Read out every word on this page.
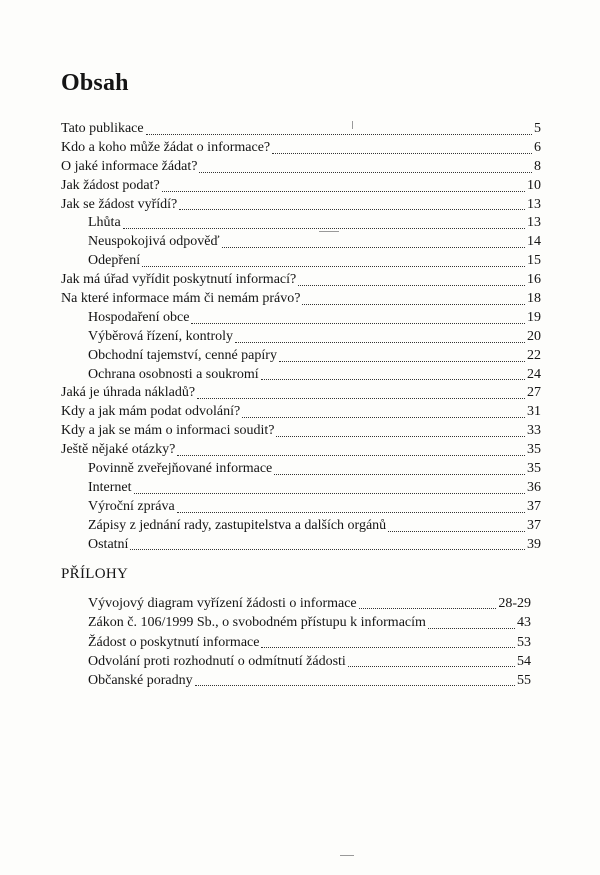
Obsah
Tato publikace	5
Kdo a koho může žádat o informace?	6
O jaké informace žádat?	8
Jak žádost podat?	10
Jak se žádost vyřídí?	13
Lhůta	13
Neuspokojivá odpověď	14
Odepření	15
Jak má úřad vyřídit poskytnutí informací?	16
Na které informace mám či nemám právo?	18
Hospodaření obce	19
Výběrová řízení, kontroly	20
Obchodní tajemství, cenné papíry	22
Ochrana osobnosti a soukromí	24
Jaká je úhrada nákladů?	27
Kdy a jak mám podat odvolání?	31
Kdy a jak se mám o informaci soudit?	33
Ještě nějaké otázky?	35
Povinně zveřejňované informace	35
Internet	36
Výroční zpráva	37
Zápisy z jednání rady, zastupitelstva a dalších orgánů	37
Ostatní	39
PŘÍLOHY
Vývojový diagram vyřízení žádosti o informace	28-29
Zákon č. 106/1999 Sb., o svobodném přístupu k informacím	43
Žádost o poskytnutí informace	53
Odvolání proti rozhodnutí o odmítnutí žádosti	54
Občanské poradny	55
